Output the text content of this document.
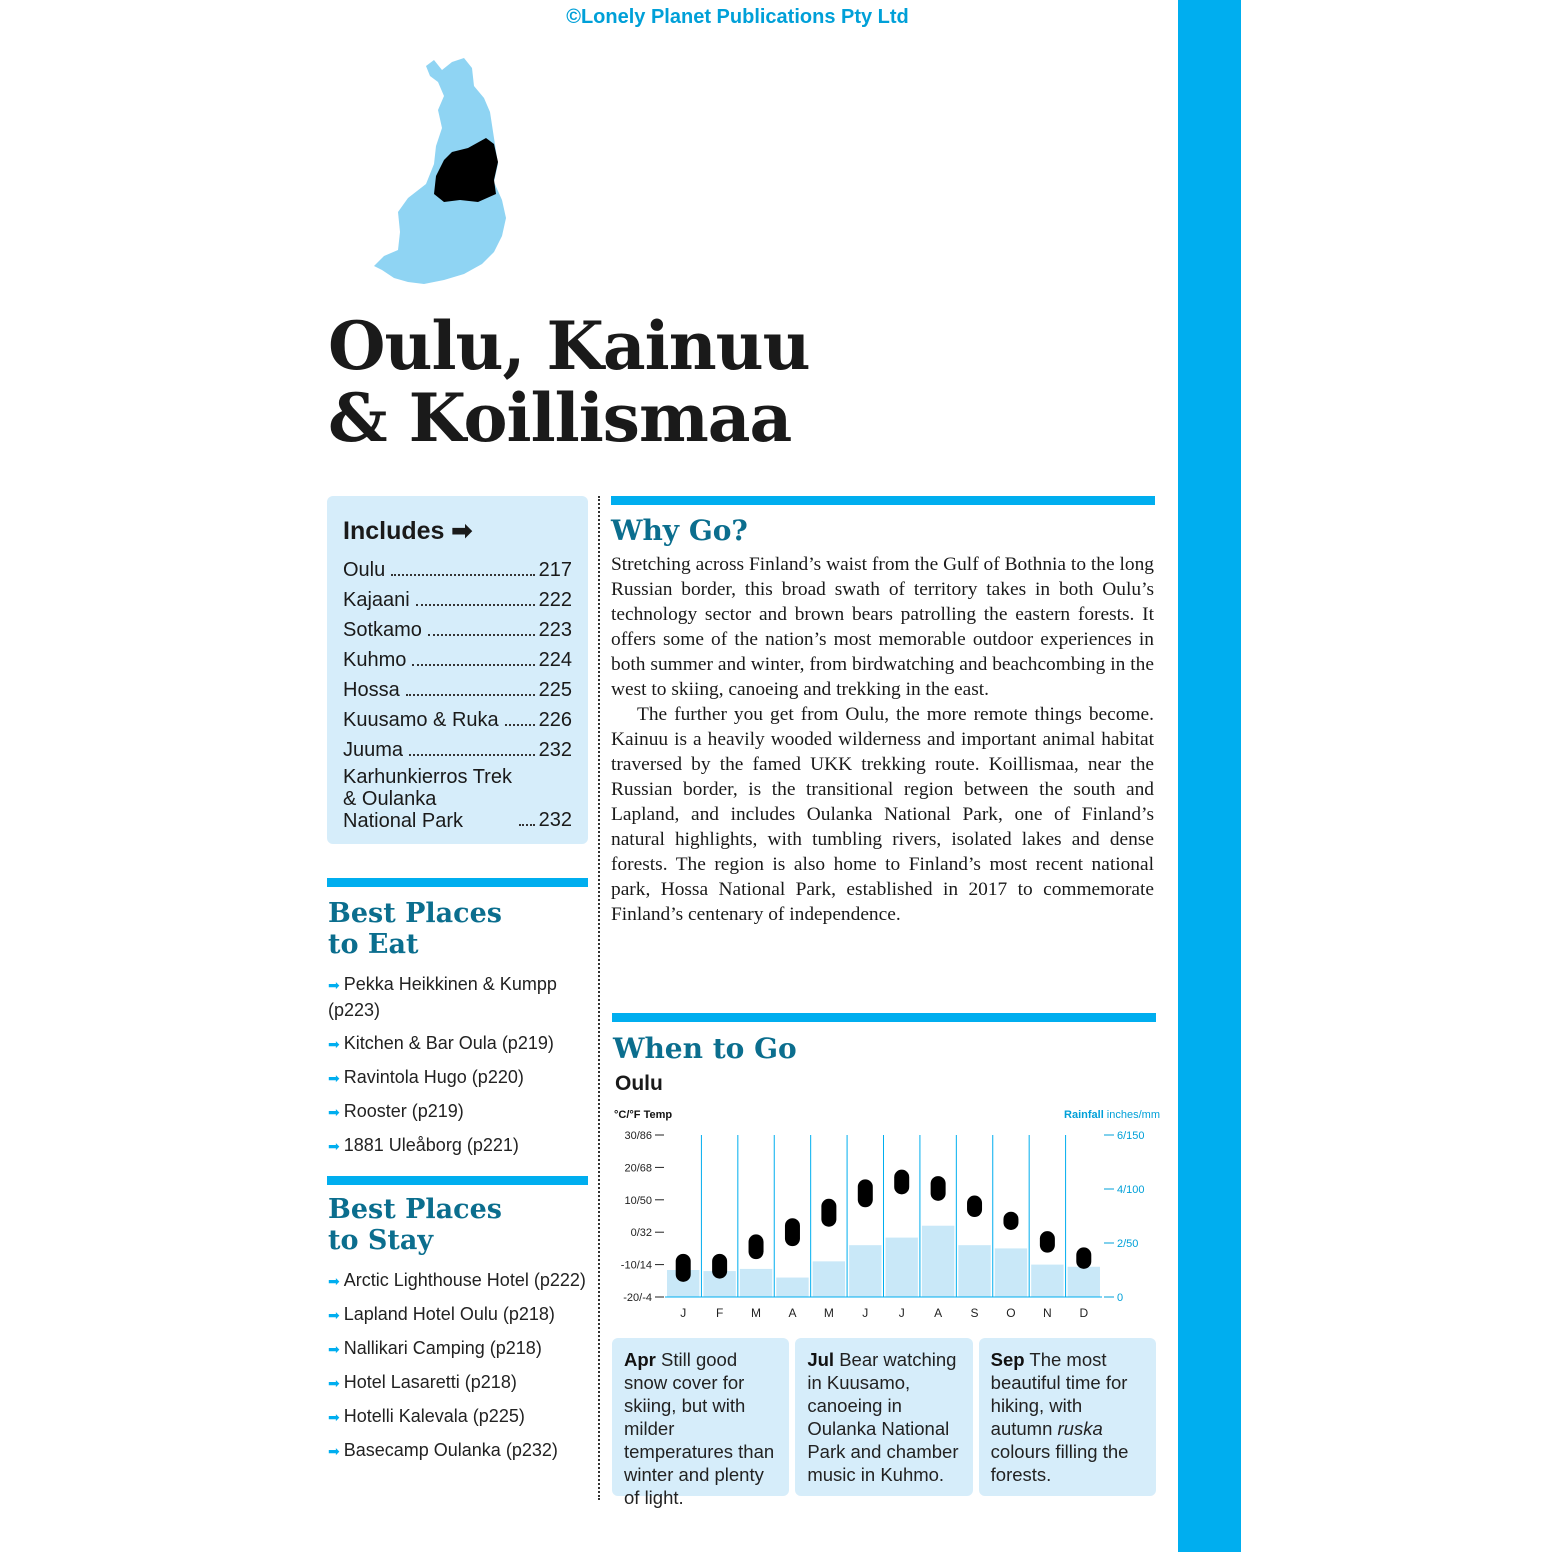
©Lonely Planet Publications Pty Ltd
Oulu, Kainuu
& Koillismaa
Includes ➡
Oulu	217
Kajaani	222
Sotkamo	223
Kuhmo	224
Hossa	225
Kuusamo & Ruka 226
Juuma	232
Karhunkierros Trek & Oulanka National Park	232
Best Places
to Eat
➡ Pekka Heikkinen & Kumpp (p223)
➡ Kitchen & Bar Oula (p219)
➡ Ravintola Hugo (p220)
➡ Rooster (p219)
➡ 1881 Uleåborg (p221)
Best Places
to Stay
➡ Arctic Lighthouse Hotel (p222)
➡ Lapland Hotel Oulu (p218)
➡ Nallikari Camping (p218)
➡ Hotel Lasaretti (p218)
➡ Hotelli Kalevala (p225)
➡ Basecamp Oulanka (p232)
Why Go?

Stretching across Finland’s waist from the Gulf of Bothnia to the long Russian border, this broad swath of territory takes in both Oulu’s technology sector and brown bears patrolling the eastern forests. It offers some of the nation’s most memorable outdoor experiences in both summer and winter, from birdwatching and beachcombing in the west to skiing, canoeing and trekking in the east.

The further you get from Oulu, the more remote things become. Kainuu is a heavily wooded wilderness and important animal habitat traversed by the famed UKK trekking route. Koillismaa, near the Russian border, is the transitional region between the south and Lapland, and includes Oulanka National Park, one of Finland’s natural highlights, with tumbling rivers, isolated lakes and dense forests. The region is also home to Finland’s most recent national park, Hossa National Park, established in 2017 to commemorate Finland’s centenary of independence.

When to Go
Oulu
°C/°F Temp	Rainfall inches/mm
30/86
20/68
10/50
0/32
-10/14
-20/-4
6/150
4/100
2/50
0
J F M A M J	J A S O N D
Apr Still good snow cover for skiing, but with milder temperatures than winter and plenty of light.
Jul Bear watching in Kuusamo, canoeing in Oulanka National Park and chamber music in Kuhmo.
Sep The most beautiful time for hiking, with autumn ruska colours filling the forests.
